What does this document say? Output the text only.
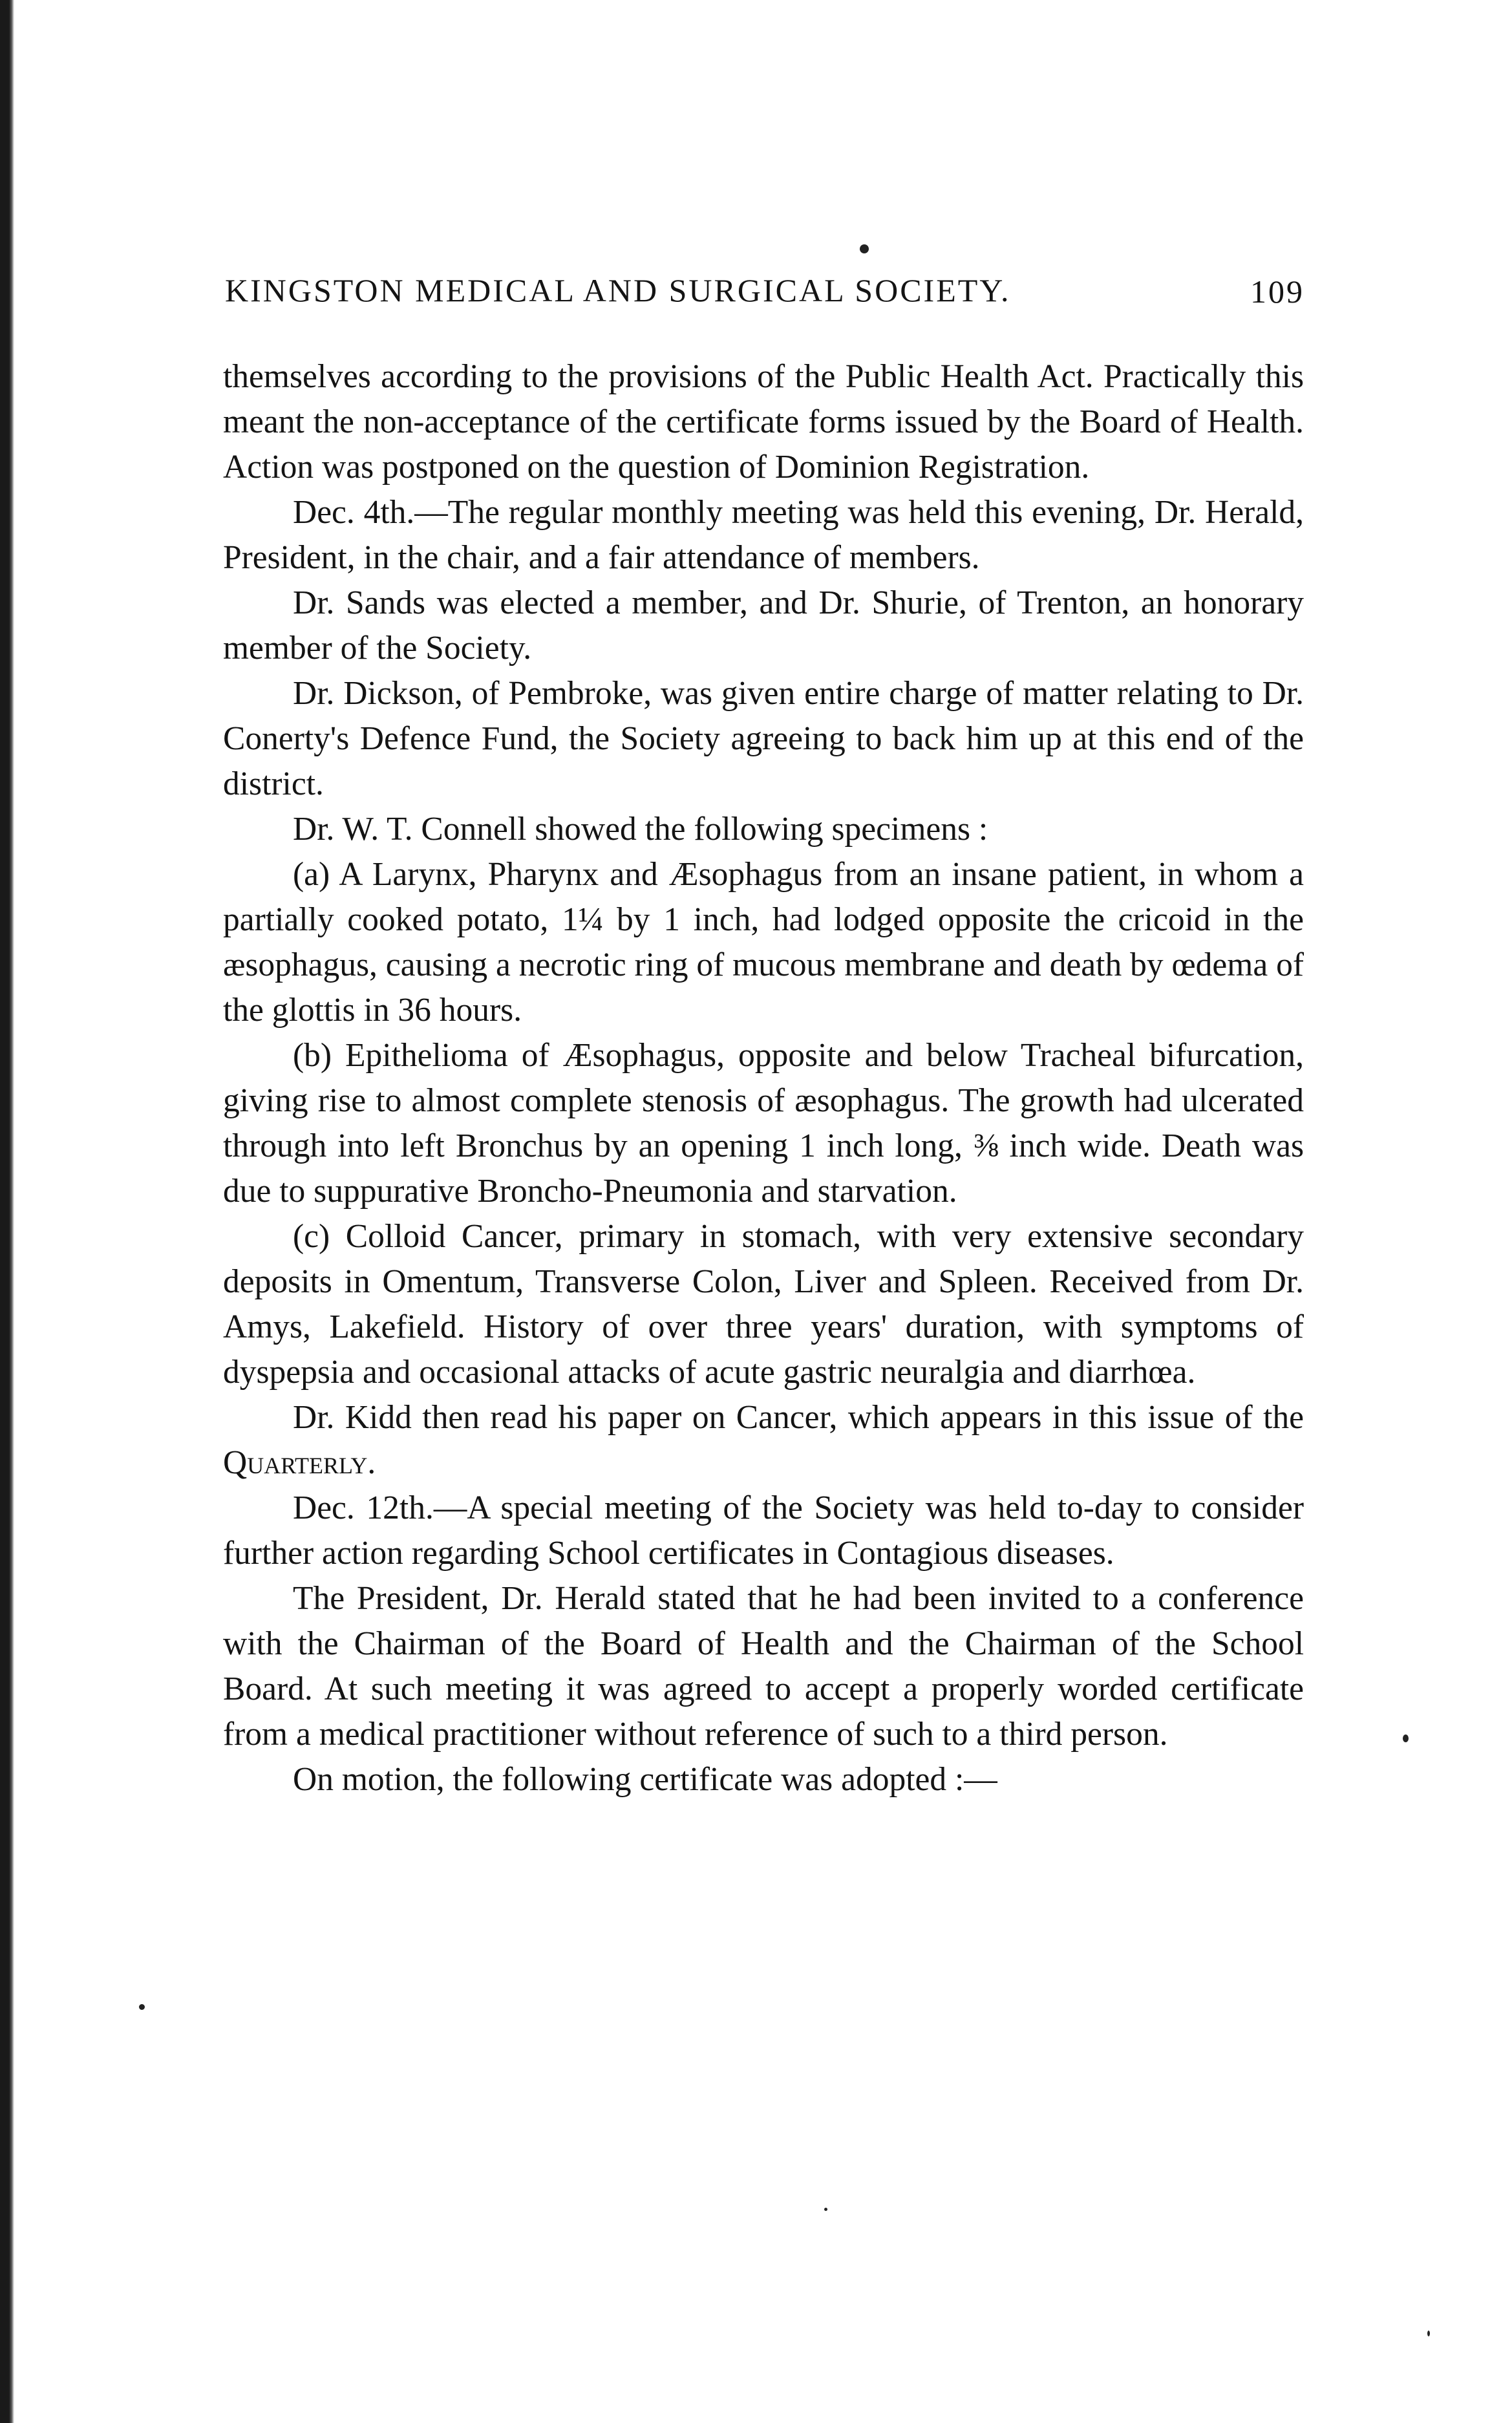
KINGSTON MEDICAL AND SURGICAL SOCIETY.	109

themselves according to the provisions of the Public Health Act. Practically this meant the non-acceptance of the certificate forms issued by the Board of Health. Action was postponed on the question of Dominion Registration.

Dec. 4th.—The regular monthly meeting was held this evening, Dr. Herald, President, in the chair, and a fair attendance of members.

Dr. Sands was elected a member, and Dr. Shurie, of Trenton, an honorary member of the Society.

Dr. Dickson, of Pembroke, was given entire charge of matter relating to Dr. Conerty's Defence Fund, the Society agreeing to back him up at this end of the district.

Dr. W. T. Connell showed the following specimens :

(a) A Larynx, Pharynx and Æsophagus from an insane patient, in whom a partially cooked potato, 1¼ by 1 inch, had lodged opposite the cricoid in the æsophagus, causing a necrotic ring of mucous membrane and death by œdema of the glottis in 36 hours.

(b) Epithelioma of Æsophagus, opposite and below Tracheal bifurcation, giving rise to almost complete stenosis of æsophagus. The growth had ulcerated through into left Bronchus by an opening 1 inch long, ⅜ inch wide. Death was due to suppurative Broncho-Pneumonia and starvation.

(c) Colloid Cancer, primary in stomach, with very extensive secondary deposits in Omentum, Transverse Colon, Liver and Spleen. Received from Dr. Amys, Lakefield. History of over three years' duration, with symptoms of dyspepsia and occasional attacks of acute gastric neuralgia and diarrhœa.

Dr. Kidd then read his paper on Cancer, which appears in this issue of the Quarterly.

Dec. 12th.—A special meeting of the Society was held to-day to consider further action regarding School certificates in Contagious diseases.

The President, Dr. Herald stated that he had been invited to a conference with the Chairman of the Board of Health and the Chairman of the School Board. At such meeting it was agreed to accept a properly worded certificate from a medical practitioner without reference of such to a third person.

On motion, the following certificate was adopted :—
